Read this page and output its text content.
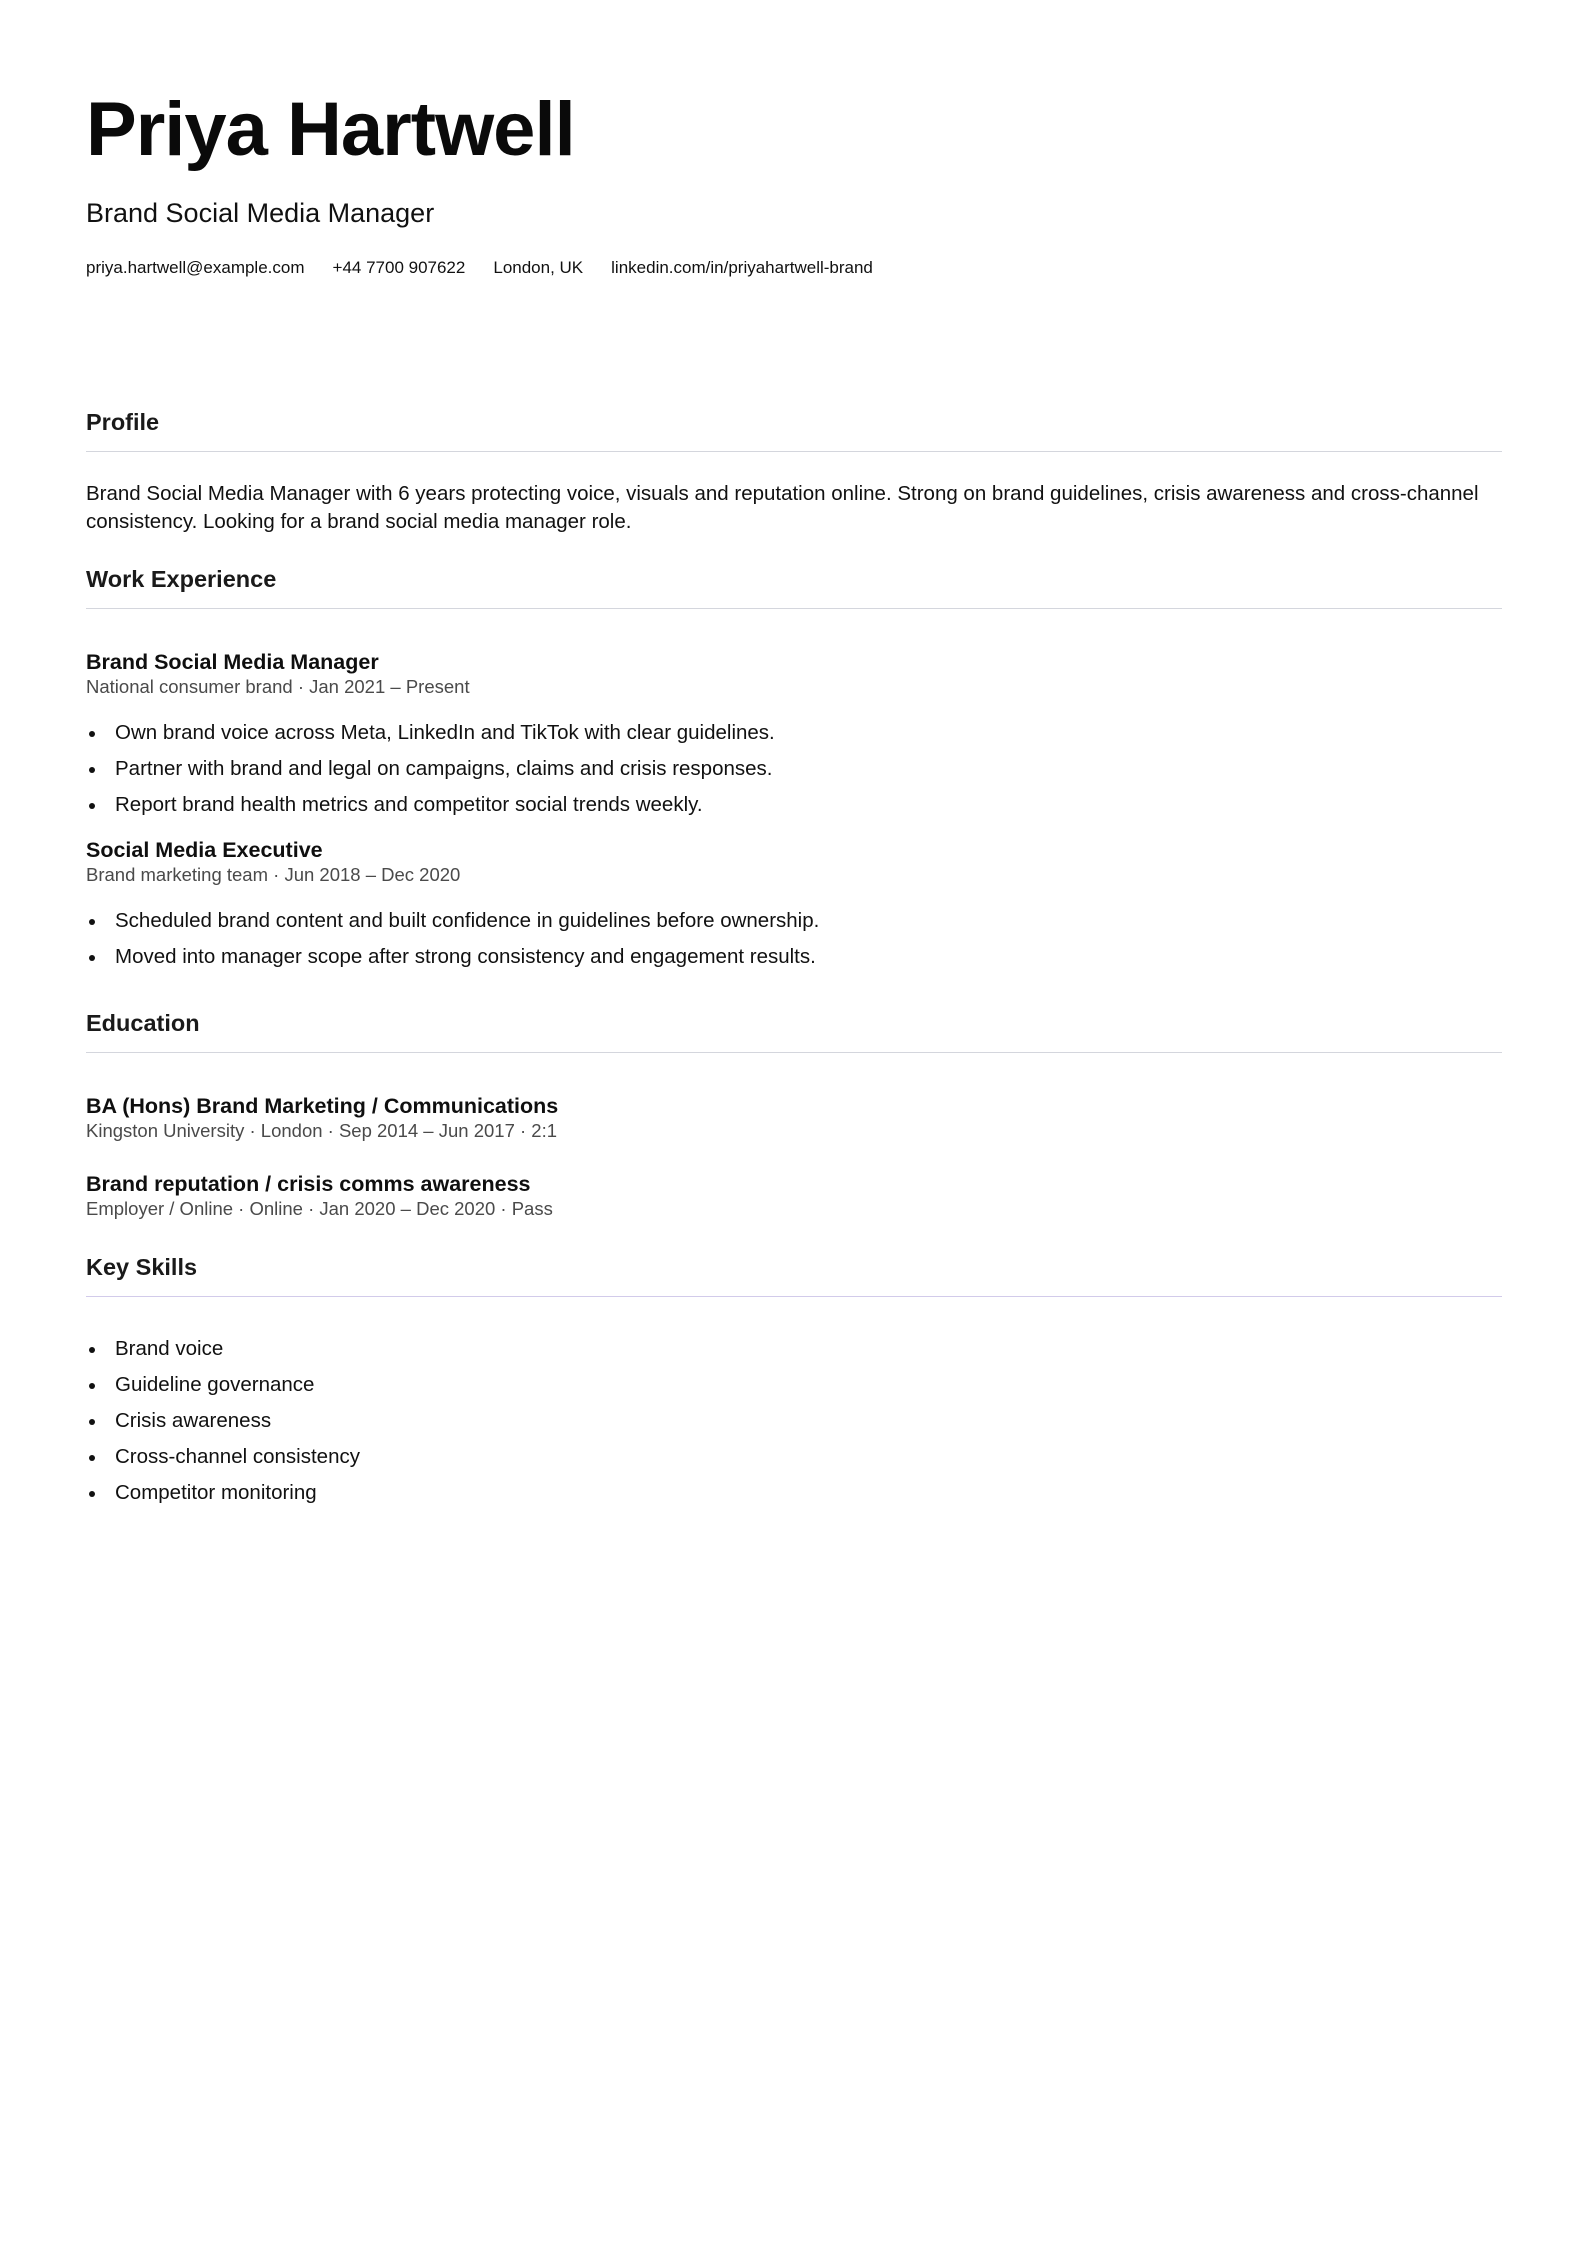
Priya Hartwell

Brand Social Media Manager

priya.hartwell@example.com +44 7700 907622 London, UK linkedin.com/in/priyahartwell-brand
Profile

Brand Social Media Manager with 6 years protecting voice, visuals and reputation online. Strong on brand guidelines, crisis awareness and cross-channel consistency. Looking for a brand social media manager role.

Work Experience

Brand Social Media Manager

National consumer brand · Jan 2021 – Present

Own brand voice across Meta, LinkedIn and TikTok with clear guidelines.
Partner with brand and legal on campaigns, claims and crisis responses.
Report brand health metrics and competitor social trends weekly.

Social Media Executive

Brand marketing team · Jun 2018 – Dec 2020

Scheduled brand content and built confidence in guidelines before ownership.
Moved into manager scope after strong consistency and engagement results.
Education

BA (Hons) Brand Marketing / Communications

Kingston University · London · Sep 2014 – Jun 2017 · 2:1

Brand reputation / crisis comms awareness

Employer / Online · Online · Jan 2020 – Dec 2020 · Pass

Key Skills
Brand voice
Guideline governance
Crisis awareness
Cross-channel consistency
Competitor monitoring
